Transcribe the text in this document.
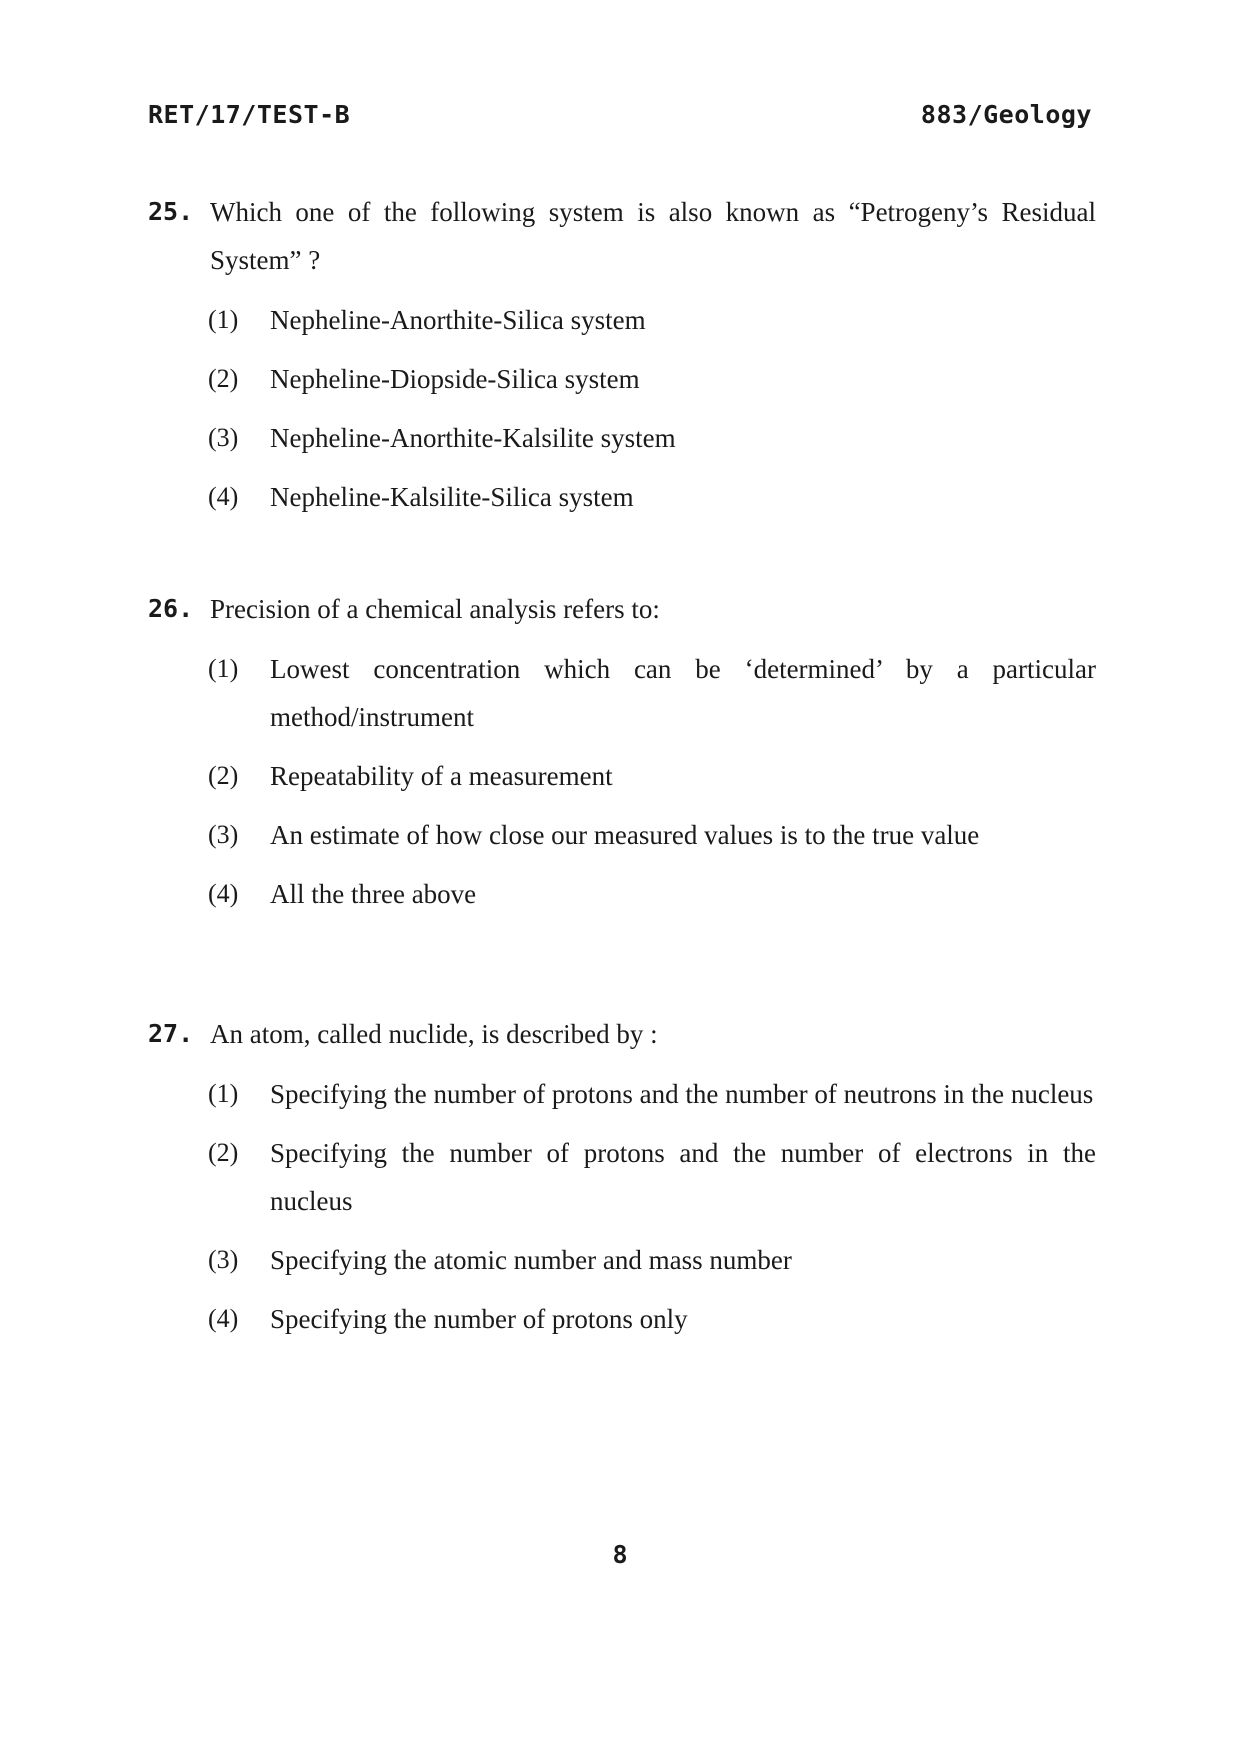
RET/17/TEST-B	883/Geology
25. Which one of the following system is also known as “Petrogeny’s Residual System” ?
(1)	Nepheline-Anorthite-Silica system
(2)	Nepheline-Diopside-Silica system
(3)	Nepheline-Anorthite-Kalsilite system
(4)	Nepheline-Kalsilite-Silica system
26. Precision of a chemical analysis refers to:
(1)	Lowest concentration which can be ‘determined’ by a particular method/instrument
(2)	Repeatability of a measurement
(3)	An estimate of how close our measured values is to the true value
(4)	All the three above
27. An atom, called nuclide, is described by :
(1)	Specifying the number of protons and the number of neutrons in the nucleus
(2)	Specifying the number of protons and the number of electrons in the nucleus
(3)	Specifying the atomic number and mass number
(4)	Specifying the number of protons only
8
